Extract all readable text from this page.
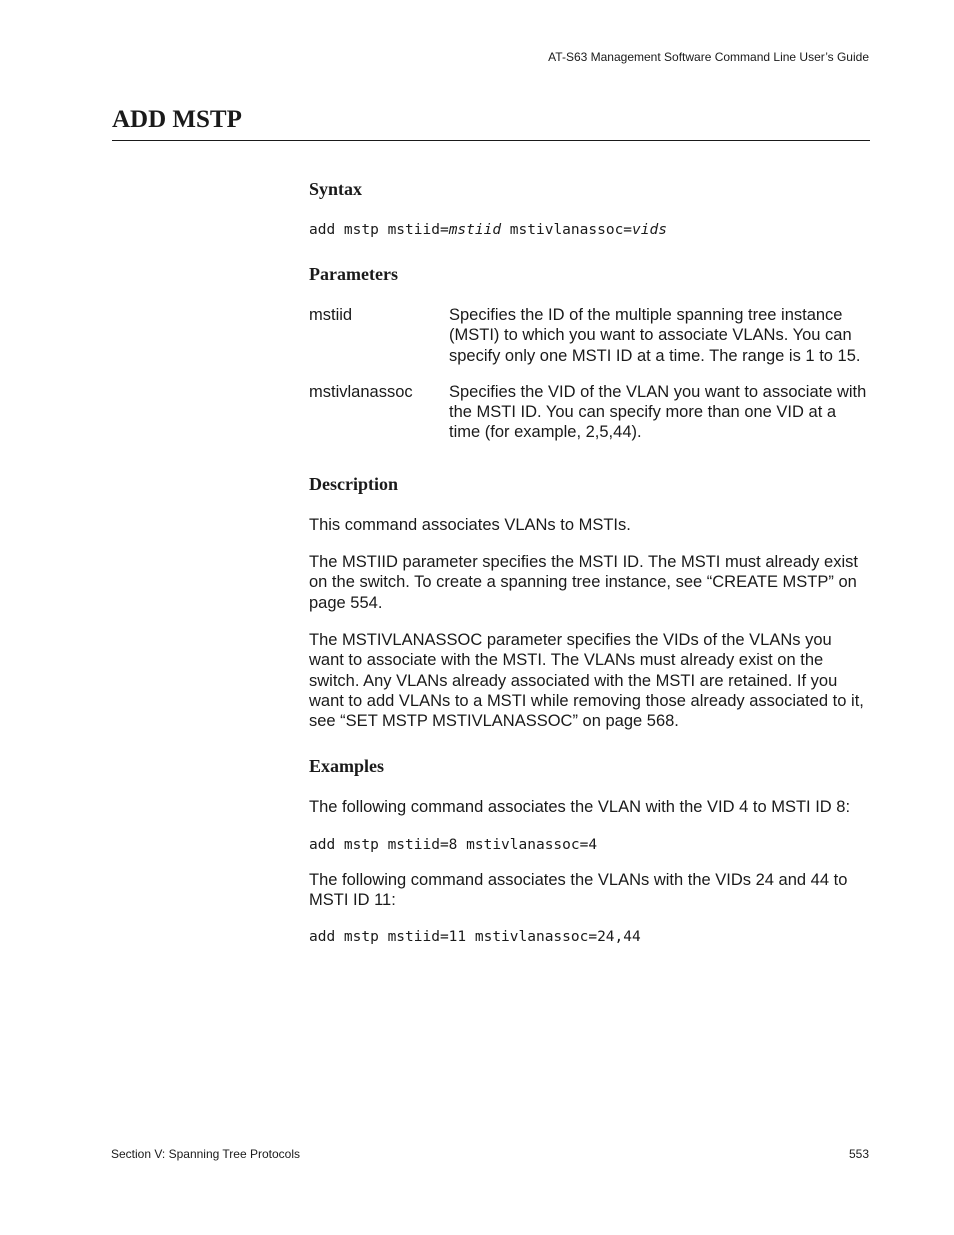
AT-S63 Management Software Command Line User’s Guide
ADD MSTP
Syntax
add mstp mstiid=mstiid mstivlanassoc=vids
Parameters
mstiid	Specifies the ID of the multiple spanning tree instance (MSTI) to which you want to associate VLANs. You can specify only one MSTI ID at a time. The range is 1 to 15.
mstivlanassoc	Specifies the VID of the VLAN you want to associate with the MSTI ID. You can specify more than one VID at a time (for example, 2,5,44).
Description

This command associates VLANs to MSTIs.

The MSTIID parameter specifies the MSTI ID. The MSTI must already exist on the switch. To create a spanning tree instance, see “CREATE MSTP” on page 554.

The MSTIVLANASSOC parameter specifies the VIDs of the VLANs you want to associate with the MSTI. The VLANs must already exist on the switch. Any VLANs already associated with the MSTI are retained. If you want to add VLANs to a MSTI while removing those already associated to it, see “SET MSTP MSTIVLANASSOC” on page 568.

Examples

The following command associates the VLAN with the VID 4 to MSTI ID 8:

add mstp mstiid=8 mstivlanassoc=4

The following command associates the VLANs with the VIDs 24 and 44 to MSTI ID 11:

add mstp mstiid=11 mstivlanassoc=24,44
Section V: Spanning Tree Protocols	553
